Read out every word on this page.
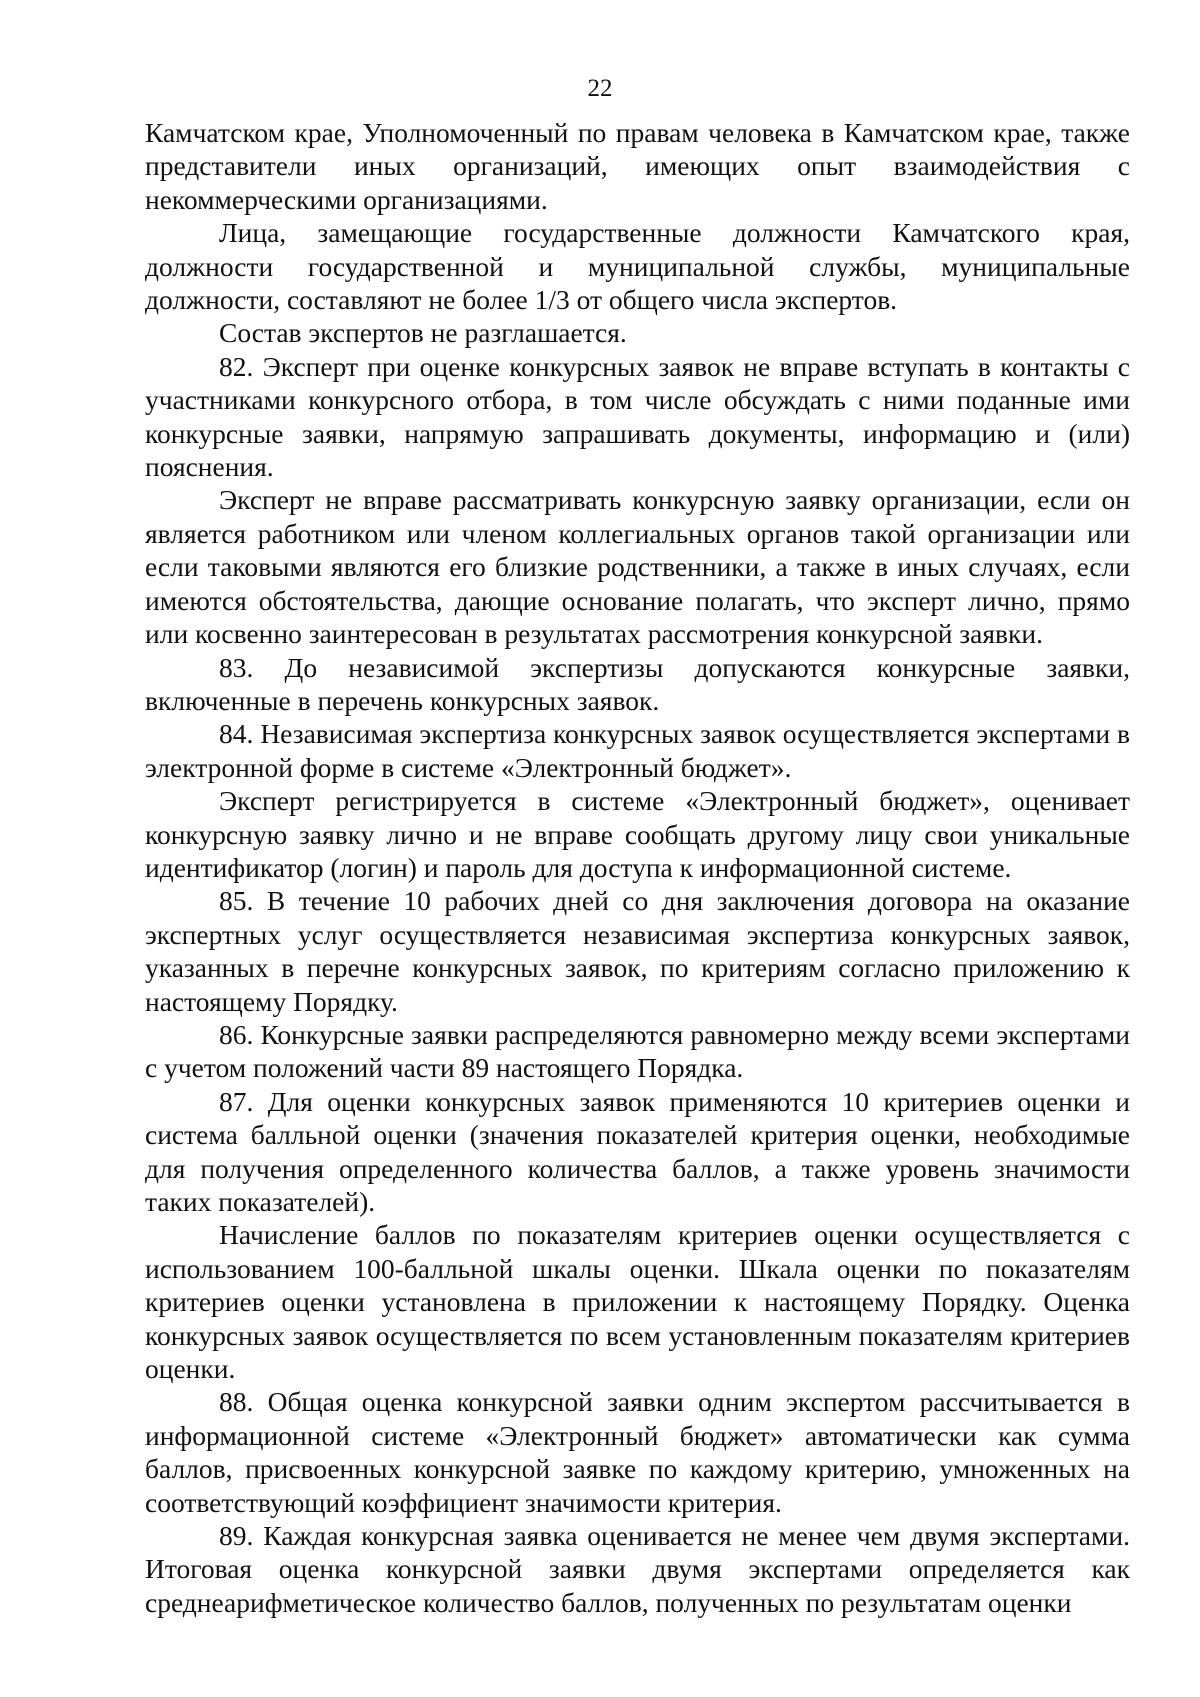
22

Камчатском крае, Уполномоченный по правам человека в Камчатском крае, также представители иных организаций, имеющих опыт взаимодействия с некоммерческими организациями.

Лица, замещающие государственные должности Камчатского края, должности государственной и муниципальной службы, муниципальные должности, составляют не более 1/3 от общего числа экспертов.

Состав экспертов не разглашается.

82. Эксперт при оценке конкурсных заявок не вправе вступать в контакты с участниками конкурсного отбора, в том числе обсуждать с ними поданные ими конкурсные заявки, напрямую запрашивать документы, информацию и (или) пояснения.

Эксперт не вправе рассматривать конкурсную заявку организации, если он является работником или членом коллегиальных органов такой организации или если таковыми являются его близкие родственники, а также в иных случаях, если имеются обстоятельства, дающие основание полагать, что эксперт лично, прямо или косвенно заинтересован в результатах рассмотрения конкурсной заявки.

83. До независимой экспертизы допускаются конкурсные заявки, включенные в перечень конкурсных заявок.

84. Независимая экспертиза конкурсных заявок осуществляется экспертами в электронной форме в системе «Электронный бюджет».

Эксперт регистрируется в системе «Электронный бюджет», оценивает конкурсную заявку лично и не вправе сообщать другому лицу свои уникальные идентификатор (логин) и пароль для доступа к информационной системе.

85. В течение 10 рабочих дней со дня заключения договора на оказание экспертных услуг осуществляется независимая экспертиза конкурсных заявок, указанных в перечне конкурсных заявок, по критериям согласно приложению к настоящему Порядку.

86. Конкурсные заявки распределяются равномерно между всеми экспертами с учетом положений части 89 настоящего Порядка.

87. Для оценки конкурсных заявок применяются 10 критериев оценки и система балльной оценки (значения показателей критерия оценки, необходимые для получения определенного количества баллов, а также уровень значимости таких показателей).

Начисление баллов по показателям критериев оценки осуществляется с использованием 100-балльной шкалы оценки. Шкала оценки по показателям критериев оценки установлена в приложении к настоящему Порядку. Оценка конкурсных заявок осуществляется по всем установленным показателям критериев оценки.

88. Общая оценка конкурсной заявки одним экспертом рассчитывается в информационной системе «Электронный бюджет» автоматически как сумма баллов, присвоенных конкурсной заявке по каждому критерию, умноженных на соответствующий коэффициент значимости критерия.

89. Каждая конкурсная заявка оценивается не менее чем двумя экспертами. Итоговая оценка конкурсной заявки двумя экспертами определяется как среднеарифметическое количество баллов, полученных по результатам оценки
